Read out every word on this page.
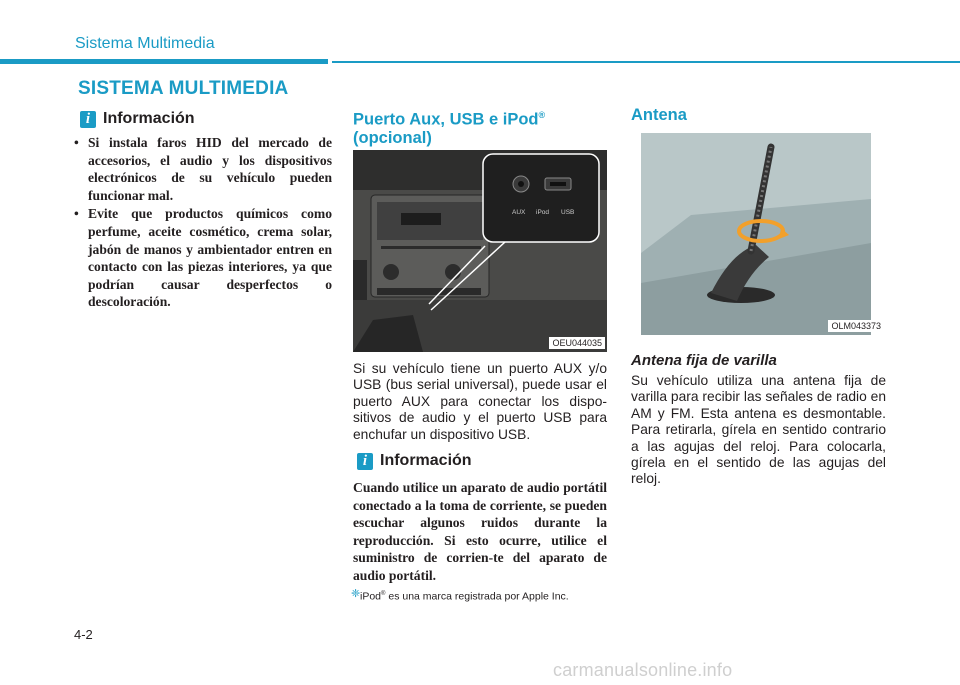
Sistema Multimedia
SISTEMA MULTIMEDIA
i Información
• Si instala faros HID del mercado de accesorios, el audio y los dispositivos electrónicos de su vehículo pueden funcionar mal.
• Evite que productos químicos como perfume, aceite cosmético, crema solar, jabón de manos y ambientador entren en contacto con las piezas interiores, ya que podrían causar desperfectos o descoloración.
Puerto Aux, USB e iPod®
(opcional)
AUX iPod USB
OEU044035
Si su vehículo tiene un puerto AUX y/o USB (bus serial universal), puede usar el puerto AUX para conectar los dispo-sitivos de audio y el puerto USB para enchufar un dispositivo USB.
i Información
Cuando utilice un aparato de audio portátil conectado a la toma de corriente, se pueden escuchar algunos ruidos durante la reproducción. Si esto ocurre, utilice el suministro de corrien-te del aparato de audio portátil.
❈ iPod® es una marca registrada por Apple Inc.
Antena
OLM043373
Antena fija de varilla
Su vehículo utiliza una antena fija de varilla para recibir las señales de radio en AM y FM. Esta antena es desmontable. Para retirarla, gírela en sentido contrario a las agujas del reloj. Para colocarla, gírela en el sentido de las agujas del reloj.
4-2
carmanualsonline.info
